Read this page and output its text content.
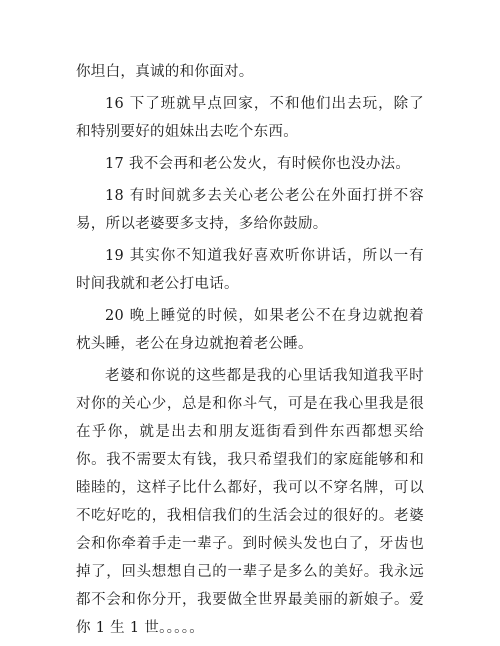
你坦白，真诚的和你面对。

16 下了班就早点回家，不和他们出去玩，除了和特别要好的姐妹出去吃个东西。

17 我不会再和老公发火，有时候你也没办法。

18 有时间就多去关心老公老公在外面打拼不容易，所以老婆要多支持，多给你鼓励。

19 其实你不知道我好喜欢听你讲话，所以一有时间我就和老公打电话。

20 晚上睡觉的时候，如果老公不在身边就抱着枕头睡，老公在身边就抱着老公睡。

老婆和你说的这些都是我的心里话我知道我平时对你的关心少，总是和你斗气，可是在我心里我是很在乎你，就是出去和朋友逛街看到件东西都想买给你。我不需要太有钱，我只希望我们的家庭能够和和睦睦的，这样子比什么都好，我可以不穿名牌，可以不吃好吃的，我相信我们的生活会过的很好的。老婆会和你牵着手走一辈子。到时候头发也白了，牙齿也掉了，回头想想自己的一辈子是多么的美好。我永远都不会和你分开，我要做全世界最美丽的新娘子。爱你 1 生 1 世。。。。。
